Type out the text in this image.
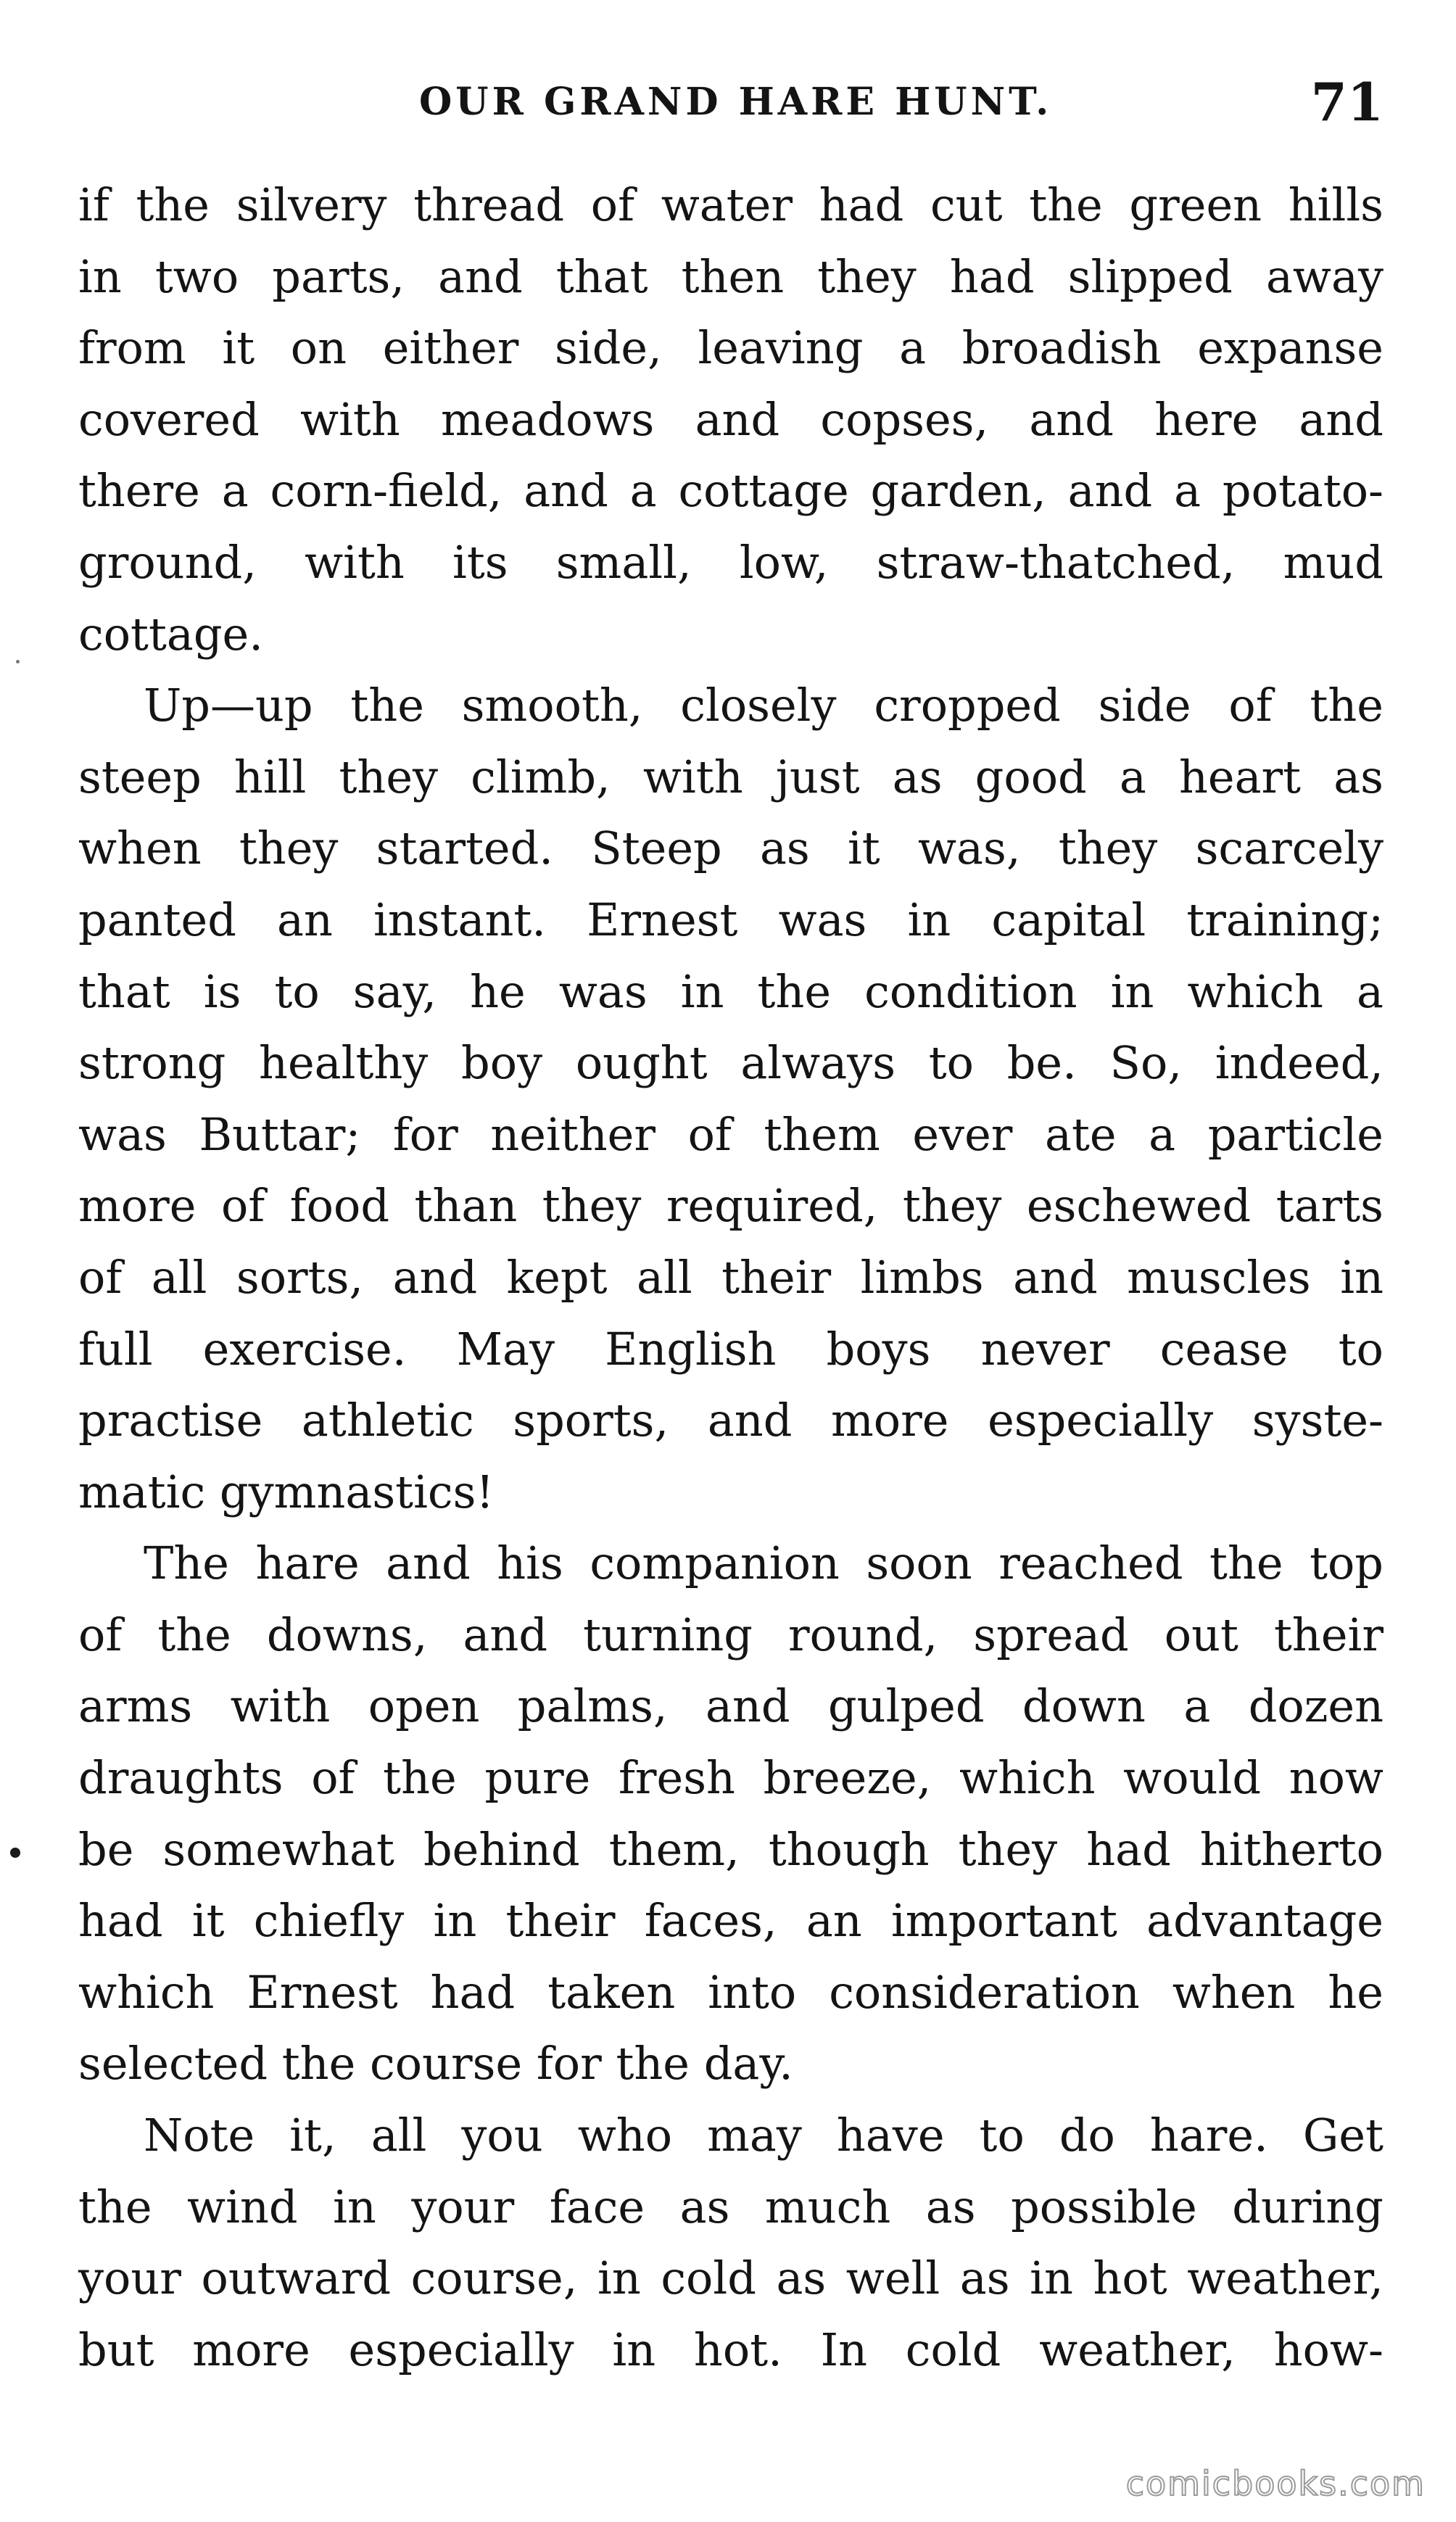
OUR GRAND HARE HUNT.	71
if the silvery thread of water had cut the green hills
in two parts, and that then they had slipped away
from it on either side, leaving a broadish expanse
covered with meadows and copses, and here and
there a corn-field, and a cottage garden, and a potato-
ground, with its small, low, straw-thatched, mud
cottage.
Up—up the smooth, closely cropped side of the
steep hill they climb, with just as good a heart as
when they started. Steep as it was, they scarcely
panted an instant. Ernest was in capital training;
that is to say, he was in the condition in which a
strong healthy boy ought always to be. So, indeed,
was Buttar; for neither of them ever ate a particle
more of food than they required, they eschewed tarts
of all sorts, and kept all their limbs and muscles in
full exercise. May English boys never cease to
practise athletic sports, and more especially syste-
matic gymnastics!
The hare and his companion soon reached the top
of the downs, and turning round, spread out their
arms with open palms, and gulped down a dozen
draughts of the pure fresh breeze, which would now
be somewhat behind them, though they had hitherto
had it chiefly in their faces, an important advantage
which Ernest had taken into consideration when he
selected the course for the day.
Note it, all you who may have to do hare. Get
the wind in your face as much as possible during
your outward course, in cold as well as in hot weather,
but more especially in hot. In cold weather, how-
comicbooks.com
